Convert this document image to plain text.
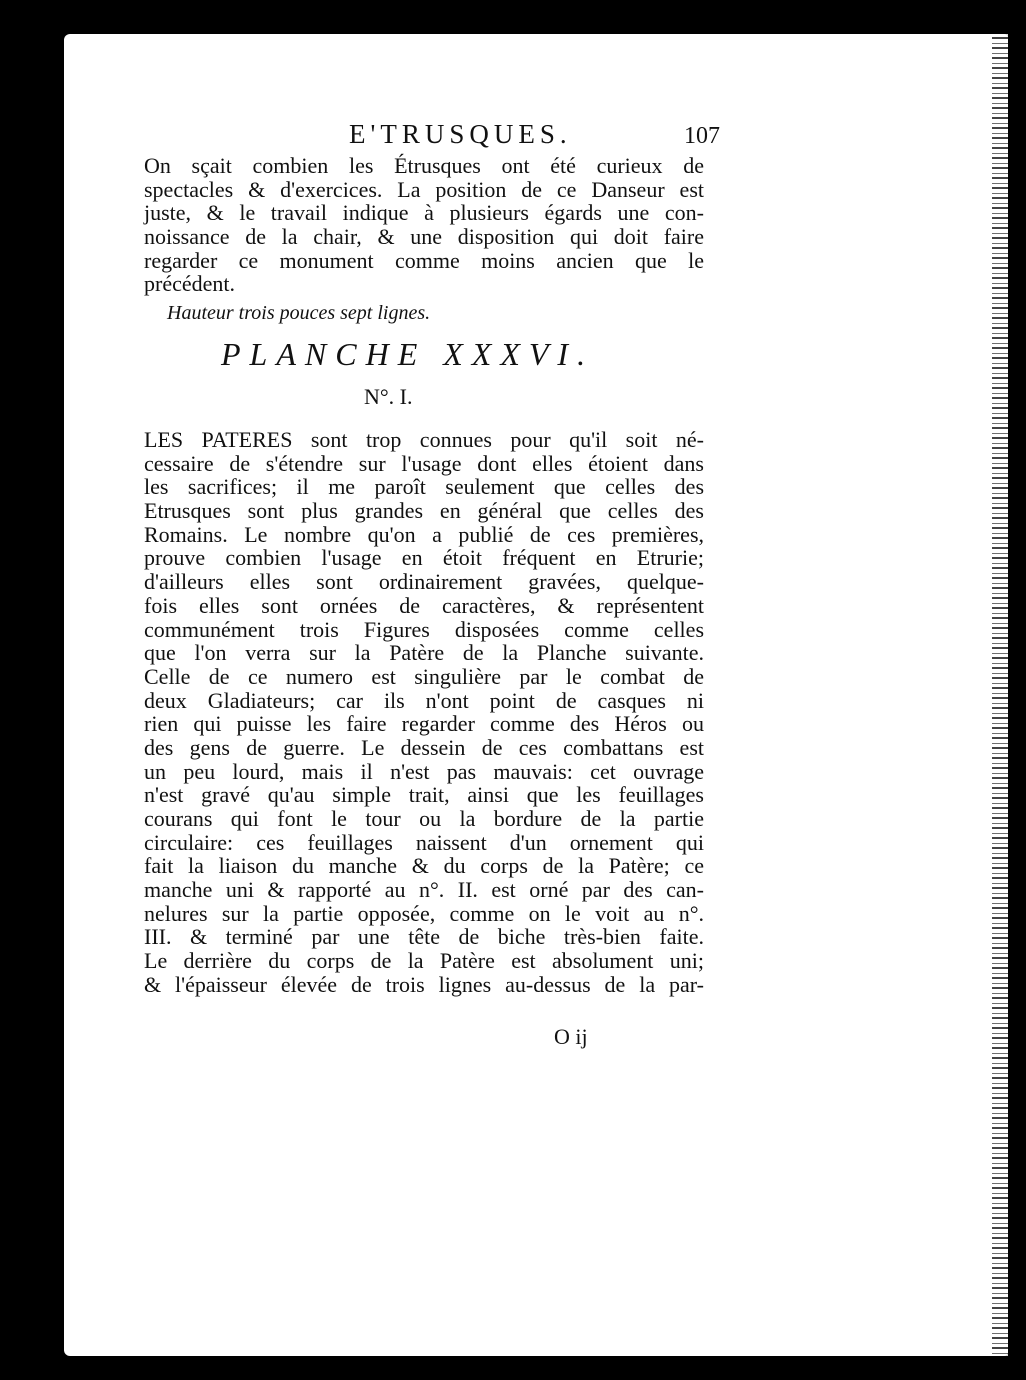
E'TRUSQUES.	107
On sçait combien les Étrusques ont été curieux de
spectacles & d'exercices. La position de ce Danseur est
juste, & le travail indique à plusieurs égards une con-
noissance de la chair, & une disposition qui doit faire
regarder ce monument comme moins ancien que le
précédent.
Hauteur trois pouces sept lignes.
PLANCHE XXXVI.
N°. I.
LES PATERES sont trop connues pour qu'il soit né-
cessaire de s'étendre sur l'usage dont elles étoient dans
les sacrifices; il me paroît seulement que celles des
Etrusques sont plus grandes en général que celles des
Romains. Le nombre qu'on a publié de ces premières,
prouve combien l'usage en étoit fréquent en Etrurie;
d'ailleurs elles sont ordinairement gravées, quelque-
fois elles sont ornées de caractères, & représentent
communément trois Figures disposées comme celles
que l'on verra sur la Patère de la Planche suivante.
Celle de ce numero est singulière par le combat de
deux Gladiateurs; car ils n'ont point de casques ni
rien qui puisse les faire regarder comme des Héros ou
des gens de guerre. Le dessein de ces combattans est
un peu lourd, mais il n'est pas mauvais: cet ouvrage
n'est gravé qu'au simple trait, ainsi que les feuillages
courans qui font le tour ou la bordure de la partie
circulaire: ces feuillages naissent d'un ornement qui
fait la liaison du manche & du corps de la Patère; ce
manche uni & rapporté au n°. II. est orné par des can-
nelures sur la partie opposée, comme on le voit au n°.
III. & terminé par une tête de biche très-bien faite.
Le derrière du corps de la Patère est absolument uni;
& l'épaisseur élevée de trois lignes au-dessus de la par-
O ij
